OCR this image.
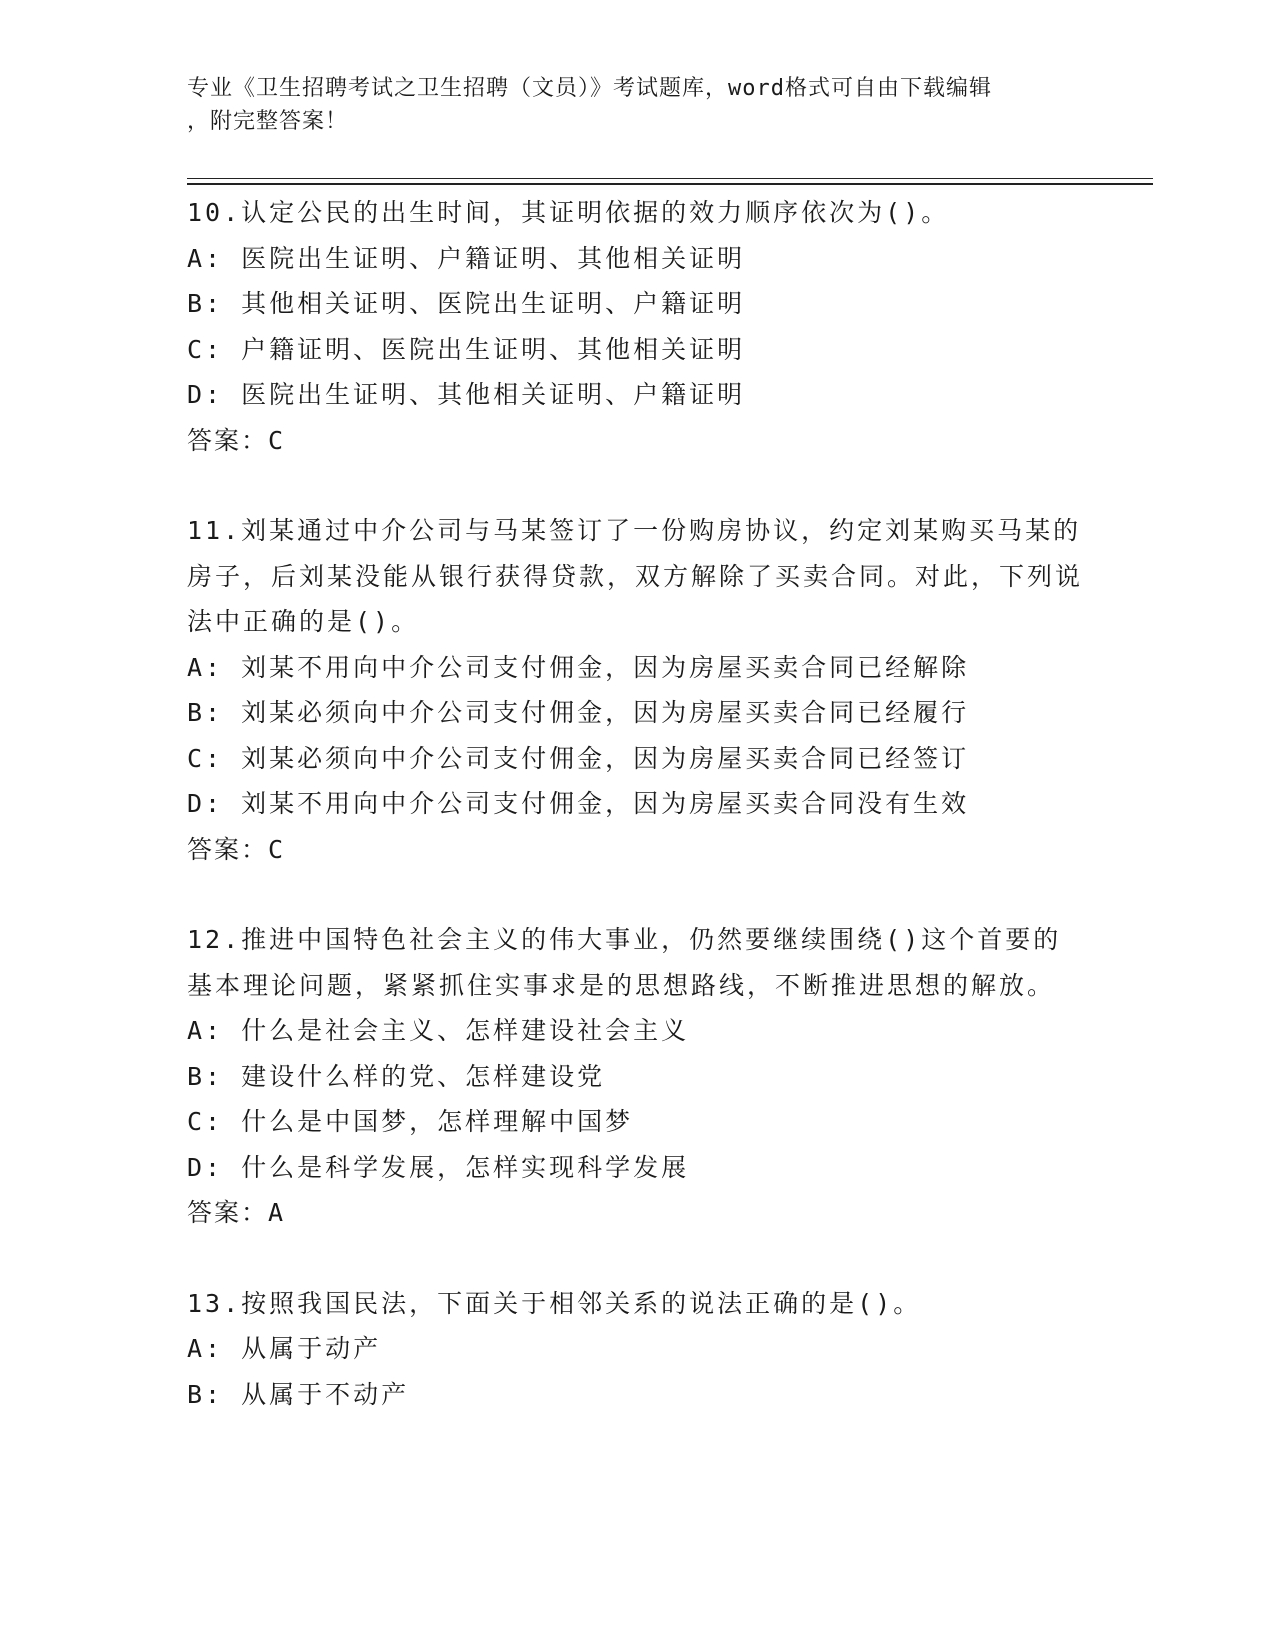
专业《卫生招聘考试之卫生招聘（文员）》考试题库，word格式可自由下载编辑
，附完整答案！
10.认定公民的出生时间，其证明依据的效力顺序依次为()。
A: 医院出生证明、户籍证明、其他相关证明
B: 其他相关证明、医院出生证明、户籍证明
C: 户籍证明、医院出生证明、其他相关证明
D: 医院出生证明、其他相关证明、户籍证明
答案：C
11.刘某通过中介公司与马某签订了一份购房协议，约定刘某购买马某的房子，后刘某没能从银行获得贷款，双方解除了买卖合同。对此，下列说法中正确的是()。
A: 刘某不用向中介公司支付佣金，因为房屋买卖合同已经解除
B: 刘某必须向中介公司支付佣金，因为房屋买卖合同已经履行
C: 刘某必须向中介公司支付佣金，因为房屋买卖合同已经签订
D: 刘某不用向中介公司支付佣金，因为房屋买卖合同没有生效
答案：C
12.推进中国特色社会主义的伟大事业，仍然要继续围绕()这个首要的基本理论问题，紧紧抓住实事求是的思想路线，不断推进思想的解放。
A: 什么是社会主义、怎样建设社会主义
B: 建设什么样的党、怎样建设党
C: 什么是中国梦，怎样理解中国梦
D: 什么是科学发展，怎样实现科学发展
答案：A
13.按照我国民法，下面关于相邻关系的说法正确的是()。
A: 从属于动产
B: 从属于不动产
